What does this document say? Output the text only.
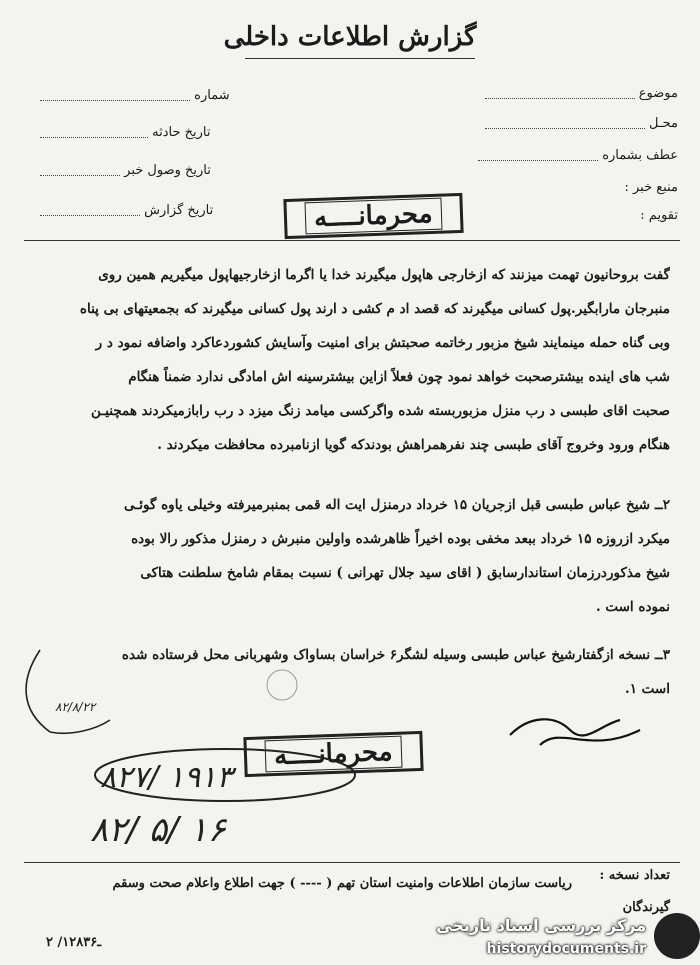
گزارش اطلاعات داخلی
شماره
تاریخ حادثه
تاریخ وصول خبر
تاریخ گزارش
موضوع
محـل
عطف بشماره
منبع خبر :
تقویم :
محرمانــــه
گفت بروحانیون تهمت میزنند که ازخارجی هاپول میگیرند خدا یا اگرما ازخارجیهاپول میگیریم همین روی
منبرجان مارابگیر.پول کسانی میگیرند که قصد اد م کشی د ارند پول کسانی میگیرند که بجمعیتهای بی پناه
وبی گناه حمله مینمایند شیخ مزبور رخاتمه صحبتش برای امنیت وآسایش کشوردعاکرد واضافه نمود د ر
شب های اینده بیشترصحبت خواهد نمود چون فعلاً ازاین بیشترسینه اش امادگی ندارد ضمناً هنگام
صحبت اقای طبسی د رب منزل مزبوربسته شده واگرکسی میامد زنگ میزد د رب رابازمیکردند همچنیـن
هنگام ورود وخروج آقای طبسی چند نفرهمراهش بودندکه گویا ازنامبرده محافظت میکردند .
۲ــ شیخ عباس طبسی قبل ازجریان ۱۵ خرداد درمنزل ایت اله قمی بمنبرمیرفته وخیلی یاوه گوئـی
میکرد ازروزه ۱۵ خرداد ببعد مخفی بوده اخیراً ظاهرشده واولین منبرش د رمنزل مذکور رالا بوده
شیخ مذکوردرزمان استاندارسابق ( اقای سید جلال تهرانی ) نسبت بمقام شامخ سلطنت هتاکی
نموده است .
۳ــ نسخه ازگفتارشیخ عباس طبسی وسیله لشگر۶ خراسان بساواک وشهربانی محل فرستاده شده
است ۱.
۸۲/۸/۲۲
محرمانــــه
۸۲۷/ ۱۹۱۳
۸۲/ ۵/ ۱۶
تعداد نسخه :
ریاست سازمان اطلاعات وامنیت استان تهم ( ---- ) جهت اطلاع واعلام صحت وسقم
گیرندگان
۲ /۱۲۸ـ۳۶
مرکز بررسی اسناد تاریخی
historydocuments.ir
